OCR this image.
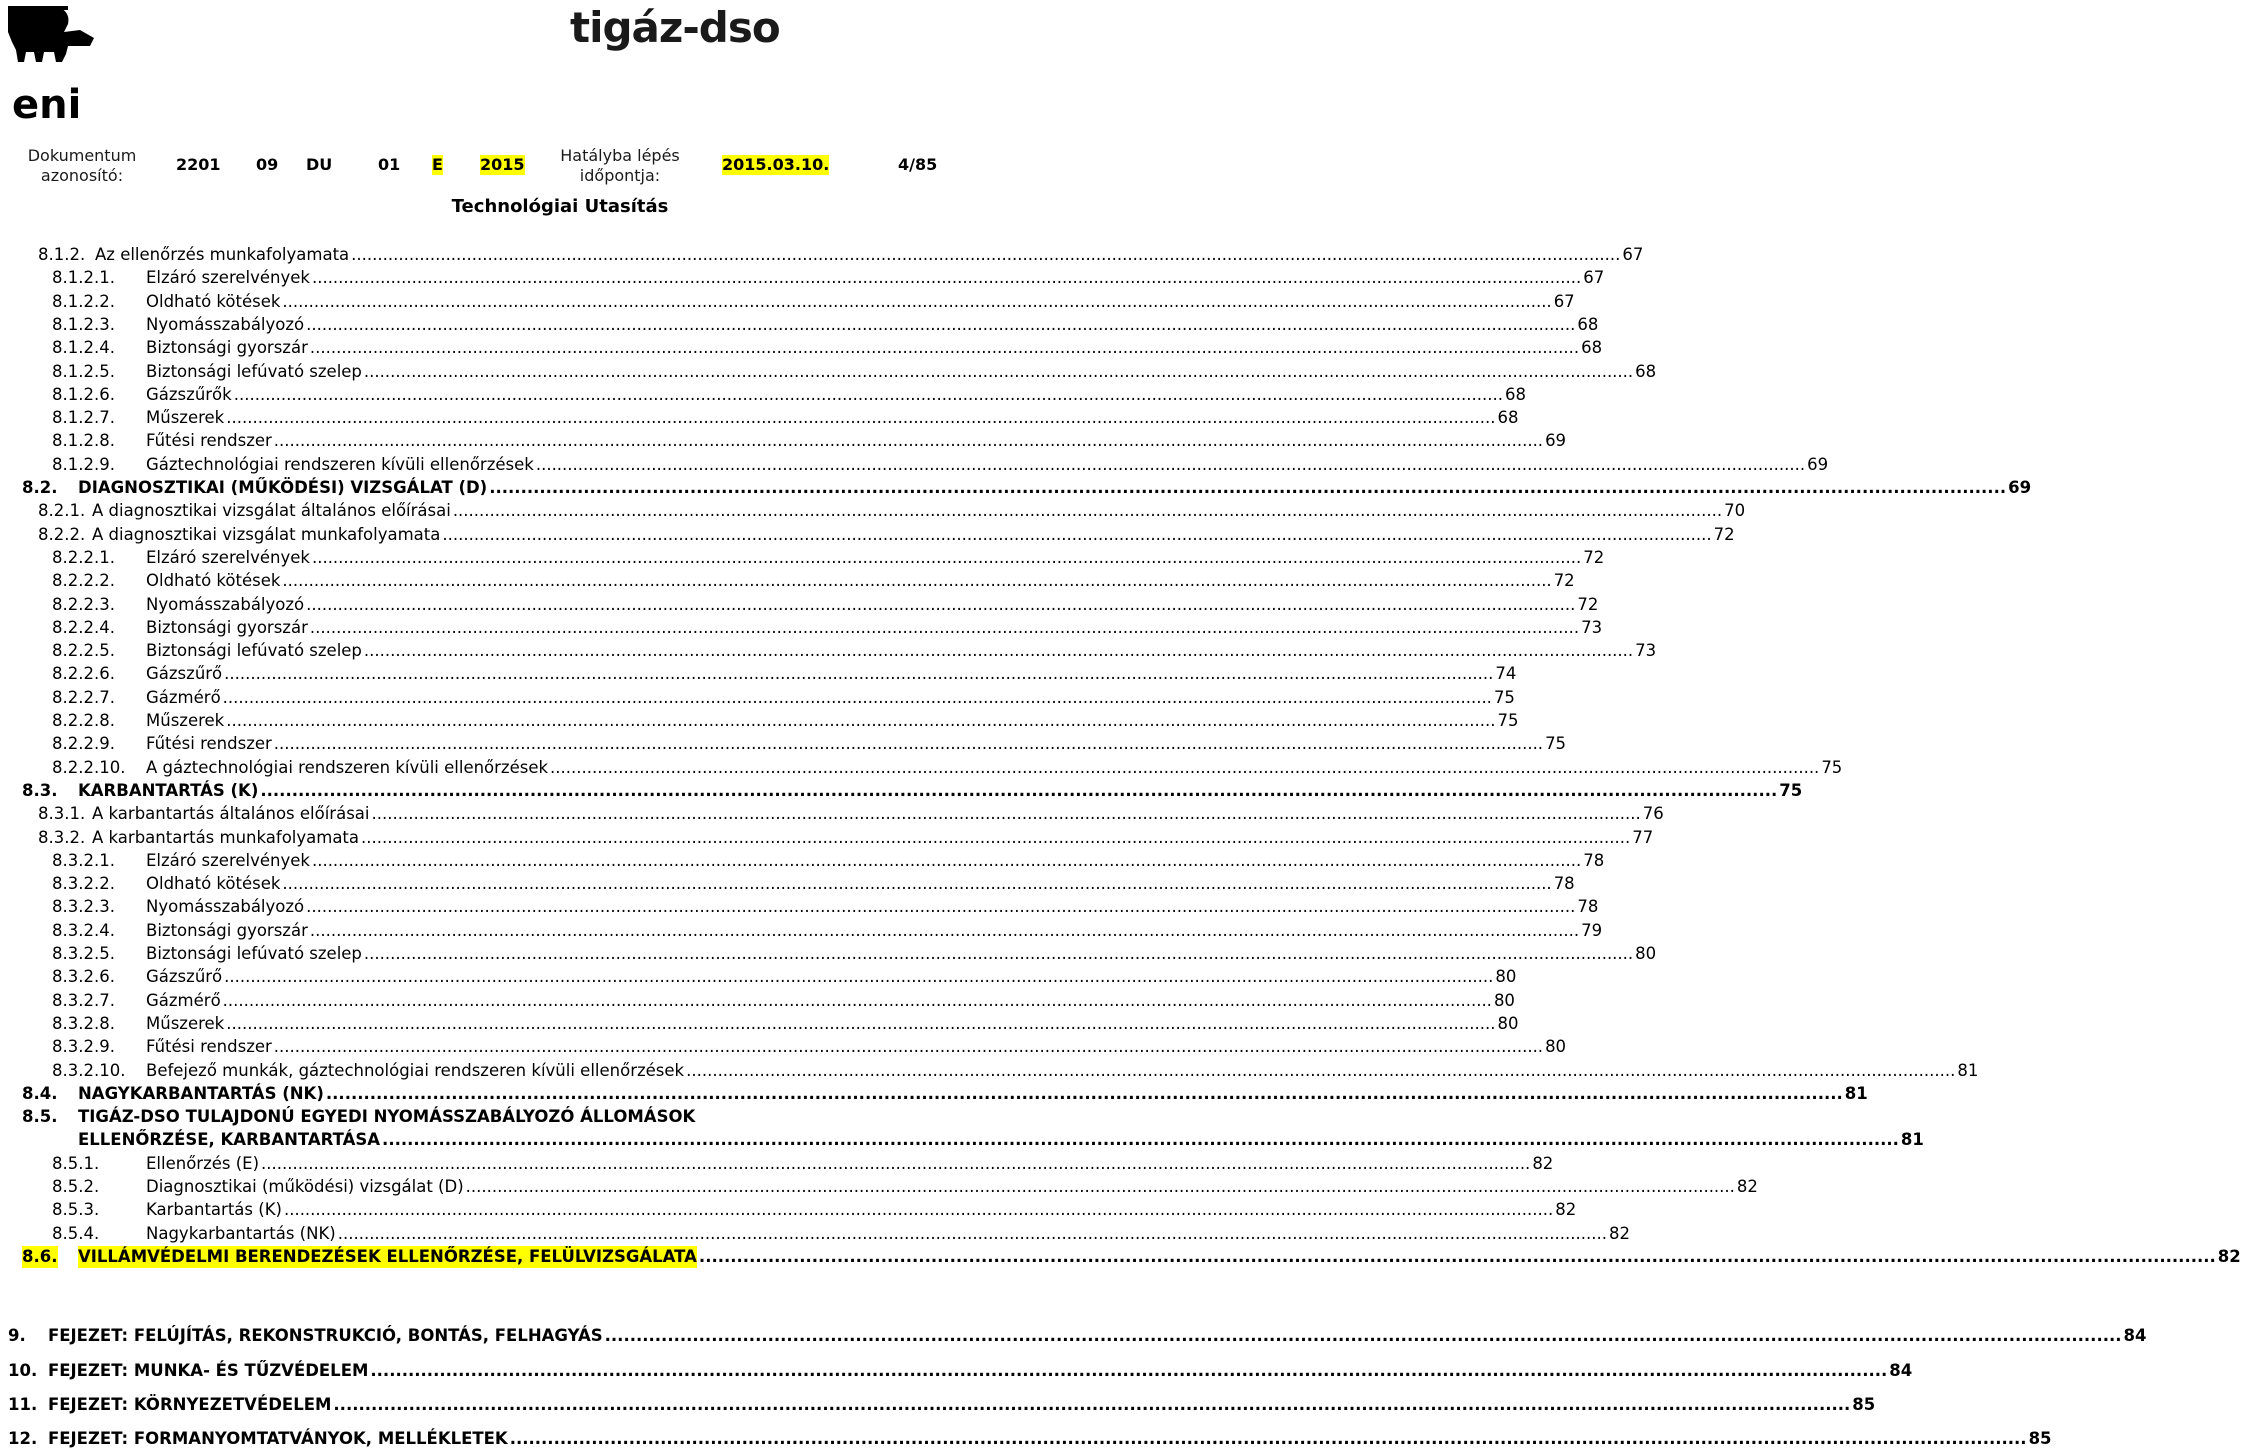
eni
tigáz-dso
Dokumentum
azonosító:
2201 09 DU	01 E 2015	Hatályba lépés
időpontja:
2015.03.10.	4/85
Technológiai Utasítás
8.1.2. Az ellenőrzés munkafolyamata .....	67
8.1.2.1. Elzáró szerelvények .....	67
8.1.2.2. Oldható kötések .....	67
8.1.2.3. Nyomásszabályozó .....	68
8.1.2.4. Biztonsági gyorszár .....	68
8.1.2.5. Biztonsági lefúvató szelep .....	68
8.1.2.6. Gázszűrők .....	68
8.1.2.7. Műszerek .....	68
8.1.2.8. Fűtési rendszer .....	69
8.1.2.9. Gáztechnológiai rendszeren kívüli ellenőrzések .....	69
8.2. DIAGNOSZTIKAI (MŰKÖDÉSI) VIZSGÁLAT (D) .....	69
8.2.1. A diagnosztikai vizsgálat általános előírásai .....	70
8.2.2. A diagnosztikai vizsgálat munkafolyamata .....	72
8.2.2.1. Elzáró szerelvények .....	72
8.2.2.2. Oldható kötések .....	72
8.2.2.3. Nyomásszabályozó .....	72
8.2.2.4. Biztonsági gyorszár .....	73
8.2.2.5. Biztonsági lefúvató szelep .....	73
8.2.2.6. Gázszűrő .....	74
8.2.2.7. Gázmérő .....	75
8.2.2.8. Műszerek .....	75
8.2.2.9. Fűtési rendszer .....	75
8.2.2.10. A gáztechnológiai rendszeren kívüli ellenőrzések .....	75
8.3. KARBANTARTÁS (K) .....	75
8.3.1. A karbantartás általános előírásai .....	76
8.3.2. A karbantartás munkafolyamata .....	77
8.3.2.1. Elzáró szerelvények .....	78
8.3.2.2. Oldható kötések .....	78
8.3.2.3. Nyomásszabályozó .....	78
8.3.2.4. Biztonsági gyorszár .....	79
8.3.2.5. Biztonsági lefúvató szelep .....	80
8.3.2.6. Gázszűrő .....	80
8.3.2.7. Gázmérő .....	80
8.3.2.8. Műszerek .....	80
8.3.2.9. Fűtési rendszer .....	80
8.3.2.10. Befejező munkák, gáztechnológiai rendszeren kívüli ellenőrzések .....	81
8.4. NAGYKARBANTARTÁS (NK) .....	81
8.5. TIGÁZ-DSO TULAJDONÚ EGYEDI NYOMÁSSZABÁLYOZÓ ÁLLOMÁSOK
ELLENŐRZÉSE, KARBANTARTÁSA .....	81
8.5.1.	Ellenőrzés (E) .....	82
8.5.2.	Diagnosztikai (működési) vizsgálat (D) .....	82
8.5.3.	Karbantartás (K) .....	82
8.5.4.	Nagykarbantartás (NK) .....	82
8.6. VILLÁMVÉDELMI BERENDEZÉSEK ELLENŐRZÉSE, FELÜLVIZSGÁLATA .....	82
9. FEJEZET: FELÚJÍTÁS, REKONSTRUKCIÓ, BONTÁS, FELHAGYÁS .....	84
10. FEJEZET: MUNKA- ÉS TŰZVÉDELEM .....	84
11. FEJEZET: KÖRNYEZETVÉDELEM .....	85
12. FEJEZET: FORMANYOMTATVÁNYOK, MELLÉKLETEK .....	85
